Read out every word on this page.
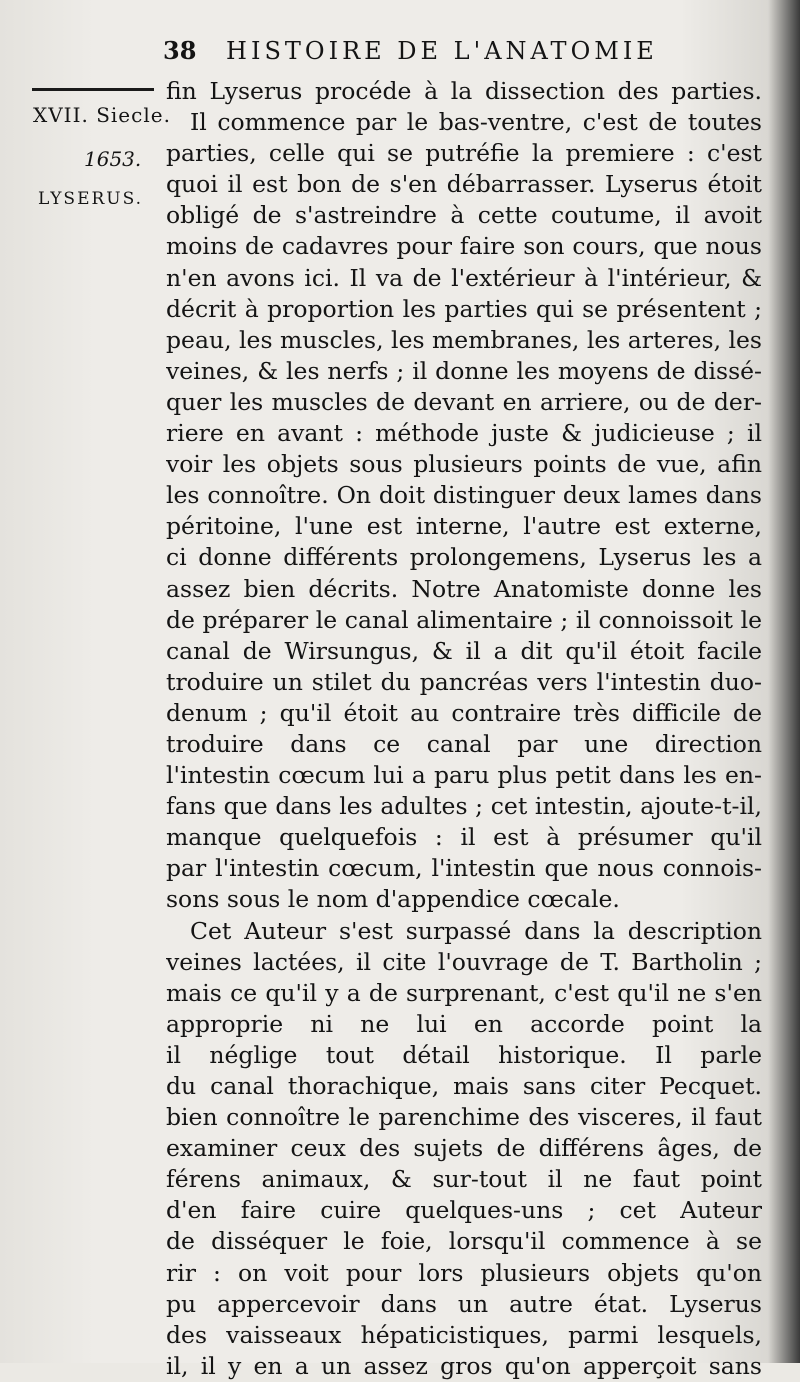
38 HISTOIRE DE L'ANATOMIE
XVII. Siecle.
1653.
LYSERUS.
fin Lyserus procéde à la dissection des parties.
Il commence par le bas-ventre, c'est de toutes
parties, celle qui se putréfie la premiere : c'est
quoi il est bon de s'en débarrasser. Lyserus étoit
obligé de s'astreindre à cette coutume, il avoit
moins de cadavres pour faire son cours, que nous
n'en avons ici. Il va de l'extérieur à l'intérieur, &
décrit à proportion les parties qui se présentent ;
peau, les muscles, les membranes, les arteres, les
veines, & les nerfs ; il donne les moyens de dissé-
quer les muscles de devant en arriere, ou de der-
riere en avant : méthode juste & judicieuse ; il
voir les objets sous plusieurs points de vue, afin
les connoître. On doit distinguer deux lames dans
péritoine, l'une est interne, l'autre est externe,
ci donne différents prolongemens, Lyserus les a
assez bien décrits. Notre Anatomiste donne les
de préparer le canal alimentaire ; il connoissoit le
canal de Wirsungus, & il a dit qu'il étoit facile
troduire un stilet du pancréas vers l'intestin duo-
denum ; qu'il étoit au contraire très difficile de
troduire dans ce canal par une direction
l'intestin cœcum lui a paru plus petit dans les en-
fans que dans les adultes ; cet intestin, ajoute-t-il,
manque quelquefois : il est à présumer qu'il
par l'intestin cœcum, l'intestin que nous connois-
sons sous le nom d'appendice cœcale.
Cet Auteur s'est surpassé dans la description
veines lactées, il cite l'ouvrage de T. Bartholin ;
mais ce qu'il y a de surprenant, c'est qu'il ne s'en
approprie ni ne lui en accorde point la
il néglige tout détail historique. Il parle
du canal thorachique, mais sans citer Pecquet.
bien connoître le parenchime des visceres, il faut
examiner ceux des sujets de différens âges, de
férens animaux, & sur-tout il ne faut point
d'en faire cuire quelques-uns ; cet Auteur
de disséquer le foie, lorsqu'il commence à se
rir : on voit pour lors plusieurs objets qu'on
pu appercevoir dans un autre état. Lyserus
des vaisseaux hépaticistiques, parmi lesquels,
il, il y en a un assez gros qu'on apperçoit sans
